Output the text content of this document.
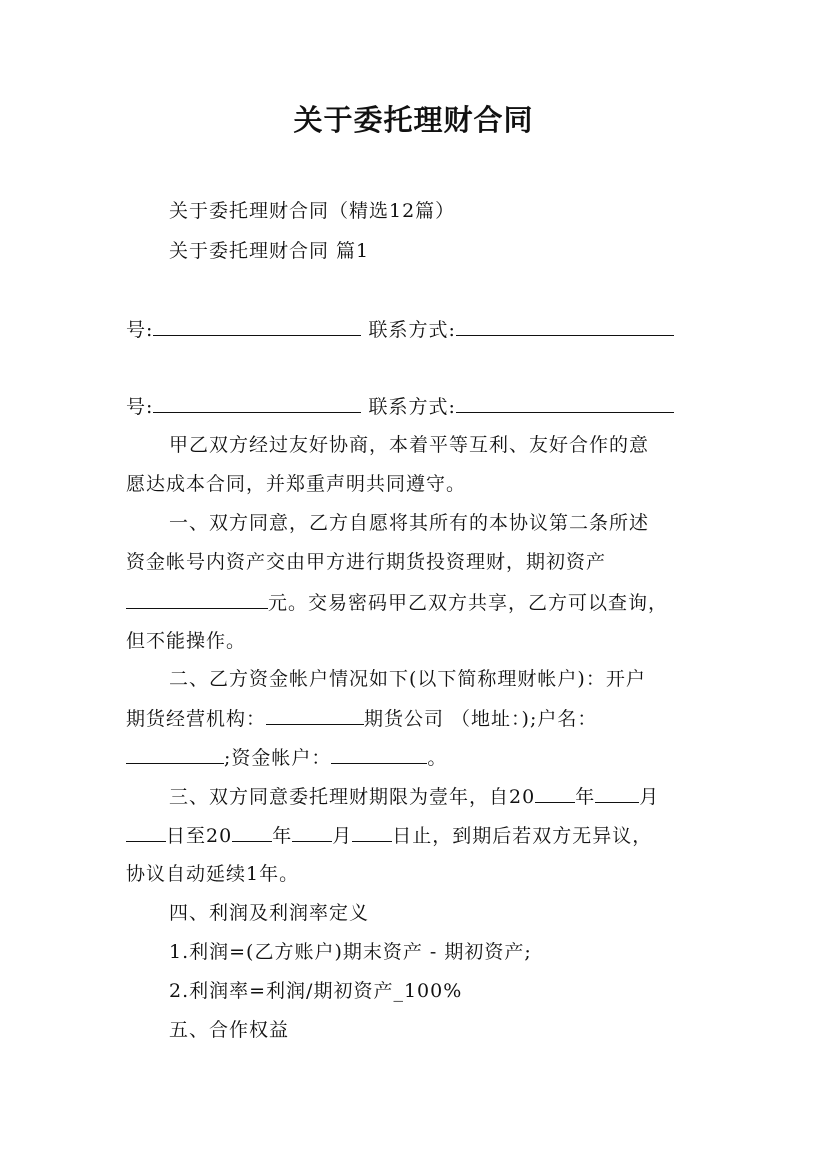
关于委托理财合同
关于委托理财合同（精选12篇）
关于委托理财合同 篇1
号:	联系方式:
号:	联系方式:
甲乙双方经过友好协商，本着平等互利、友好合作的意
愿达成本合同，并郑重声明共同遵守。
一、双方同意，乙方自愿将其所有的本协议第二条所述
资金帐号内资产交由甲方进行期货投资理财，期初资产
元。交易密码甲乙双方共享，乙方可以查询，
但不能操作。
二、乙方资金帐户情况如下(以下简称理财帐户)：开户
期货经营机构：	期货公司 （地址：);户名：
;资金帐户：	。
三、双方同意委托理财期限为壹年，自20 年 月
日至20 年 月 日止，到期后若双方无异议，
协议自动延续1年。
四、利润及利润率定义
1.利润=(乙方账户)期末资产 - 期初资产;
2.利润率=利润/期初资产_100%
五、合作权益
